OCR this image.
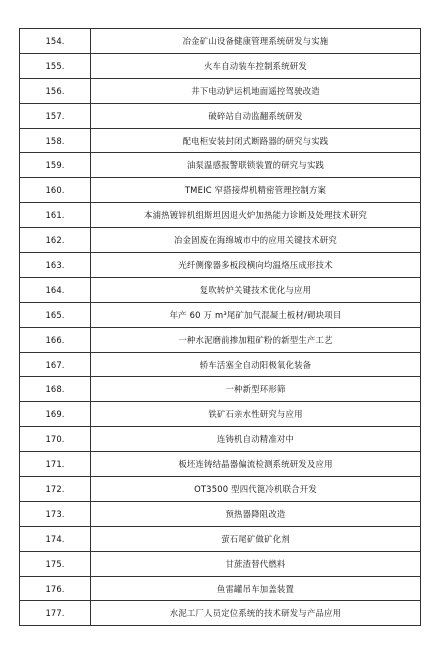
154.	冶金矿山设备健康管理系统研发与实施
155.	火车自动装车控制系统研发
156.	井下电动铲运机地面遥控驾驶改造
157.	破碎站自动监翻系统研发
158.	配电柜安装封闭式断路器的研究与实践
159.	油泵温感报警联锁装置的研究与实践
160.	TMEIC 窄搭接焊机精密管理控制方案
161.	本浦热镀锌机组斯坦因退火炉加热能力诊断及处理技术研究
162.	冶金固废在海绵城市中的应用关键技术研究
163.	光纤侧像器多板段横向均温烙压成形技术
164.	复吹转炉关键技术优化与应用
165.	年产 60 万 m³尾矿加气混凝土板材/砌块项目
166.	一种水泥磨前掺加粗矿粉的新型生产工艺
167.	轿车活塞全自动阳极氧化装备
168.	一种新型环形筛
169.	铁矿石亲水性研究与应用
170.	连铸机自动精准对中
171.	板坯连铸结晶器偏流检测系统研发及应用
172.	OT3500 型四代篦冷机联合开发
173.	预热器降阻改造
174.	萤石尾矿做矿化剂
175.	甘蔗渣替代燃料
176.	鱼雷罐吊车加盖装置
177.	水泥工厂人员定位系统的技术研发与产品应用
